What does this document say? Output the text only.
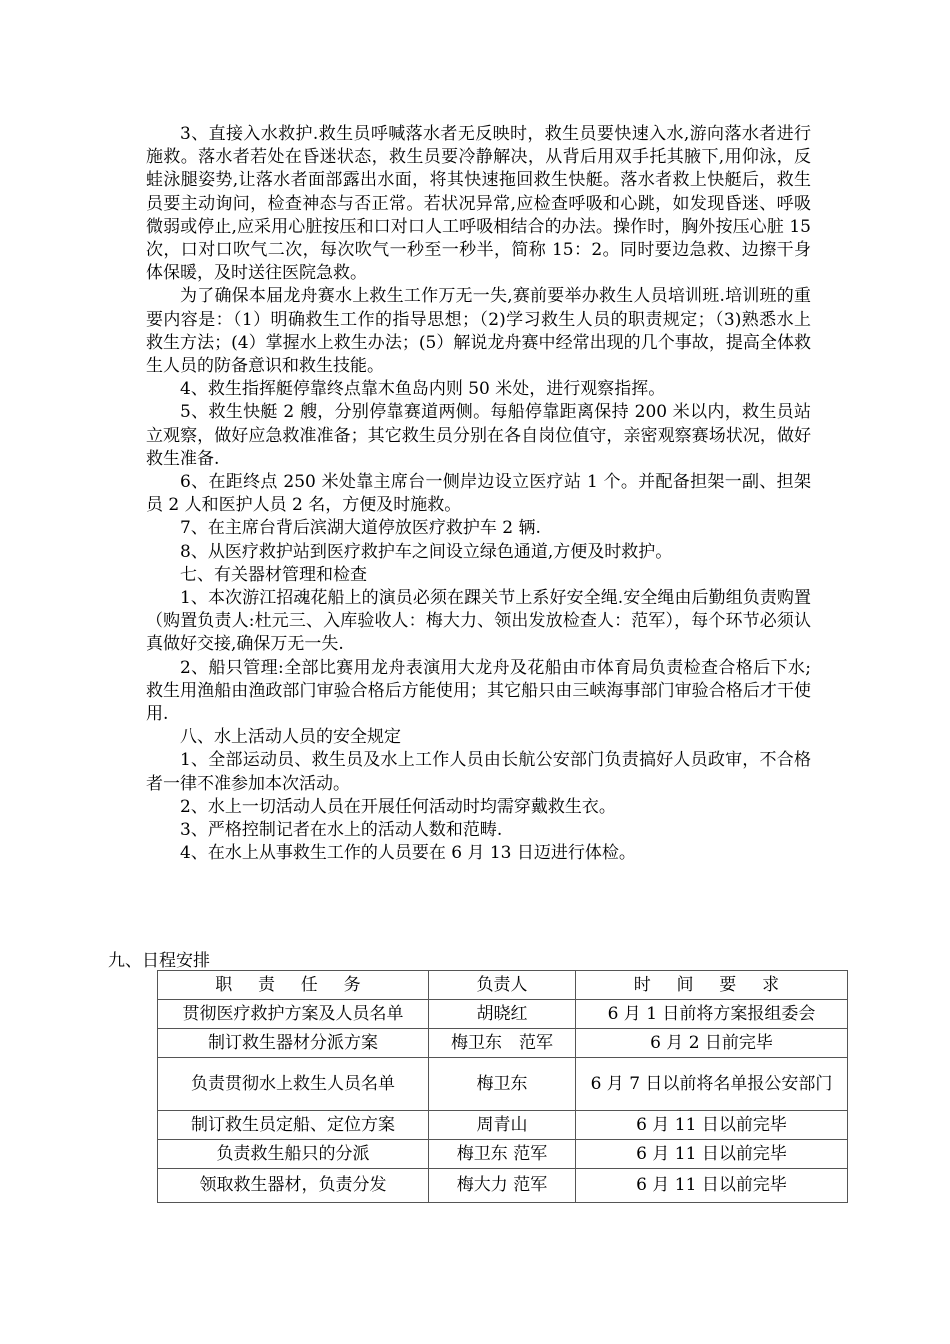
3、直接入水救护.救生员呼喊落水者无反映时，救生员要快速入水,游向落水者进行施救。落水者若处在昏迷状态，救生员要冷静解决，从背后用双手托其腋下,用仰泳，反蛙泳腿姿势,让落水者面部露出水面，将其快速拖回救生快艇。落水者救上快艇后，救生员要主动询问，检查神态与否正常。若状况异常,应检查呼吸和心跳，如发现昏迷、呼吸微弱或停止,应采用心脏按压和口对口人工呼吸相结合的办法。操作时，胸外按压心脏 15 次，口对口吹气二次，每次吹气一秒至一秒半，简称 15：2。同时要边急救、边擦干身体保暖，及时送往医院急救。

为了确保本届龙舟赛水上救生工作万无一失,赛前要举办救生人员培训班.培训班的重要内容是：（1）明确救生工作的指导思想；（2)学习救生人员的职责规定；（3)熟悉水上救生方法；(4）掌握水上救生办法；(5）解说龙舟赛中经常出现的几个事故，提高全体救生人员的防备意识和救生技能。

4、救生指挥艇停靠终点靠木鱼岛内则 50 米处，进行观察指挥。

5、救生快艇 2 艘，分别停靠赛道两侧。每船停靠距离保持 200 米以内，救生员站立观察，做好应急救准准备；其它救生员分别在各自岗位值守，亲密观察赛场状况，做好救生准备.

6、在距终点 250 米处靠主席台一侧岸边设立医疗站 1 个。并配备担架一副、担架员 2 人和医护人员 2 名，方便及时施救。

7、在主席台背后滨湖大道停放医疗救护车 2 辆.

8、从医疗救护站到医疗救护车之间设立绿色通道,方便及时救护。

七、有关器材管理和检查

1、本次游江招魂花船上的演员必须在踝关节上系好安全绳.安全绳由后勤组负责购置（购置负责人:杜元三、入库验收人：梅大力、领出发放检查人：范军），每个环节必须认真做好交接,确保万无一失.

2、船只管理:全部比赛用龙舟表演用大龙舟及花船由市体育局负责检查合格后下水;救生用渔船由渔政部门审验合格后方能使用；其它船只由三峡海事部门审验合格后才干使用.

八、水上活动人员的安全规定

1、全部运动员、救生员及水上工作人员由长航公安部门负责搞好人员政审，不合格者一律不准参加本次活动。

2、水上一切活动人员在开展任何活动时均需穿戴救生衣。

3、严格控制记者在水上的活动人数和范畴.

4、在水上从事救生工作的人员要在 6 月 13 日迈进行体检。

九、日程安排
职 责 任 务	负责人	时 间 要 求
贯彻医疗救护方案及人员名单	胡晓红	6 月 1 日前将方案报组委会
制订救生器材分派方案	梅卫东　范军	6 月 2 日前完毕
负责贯彻水上救生人员名单	梅卫东	6 月 7 日以前将名单报公安部门
制订救生员定船、定位方案	周青山	6 月 11 日以前完毕
负责救生船只的分派	梅卫东 范军	6 月 11 日以前完毕
领取救生器材，负责分发	梅大力 范军	6 月 11 日以前完毕
